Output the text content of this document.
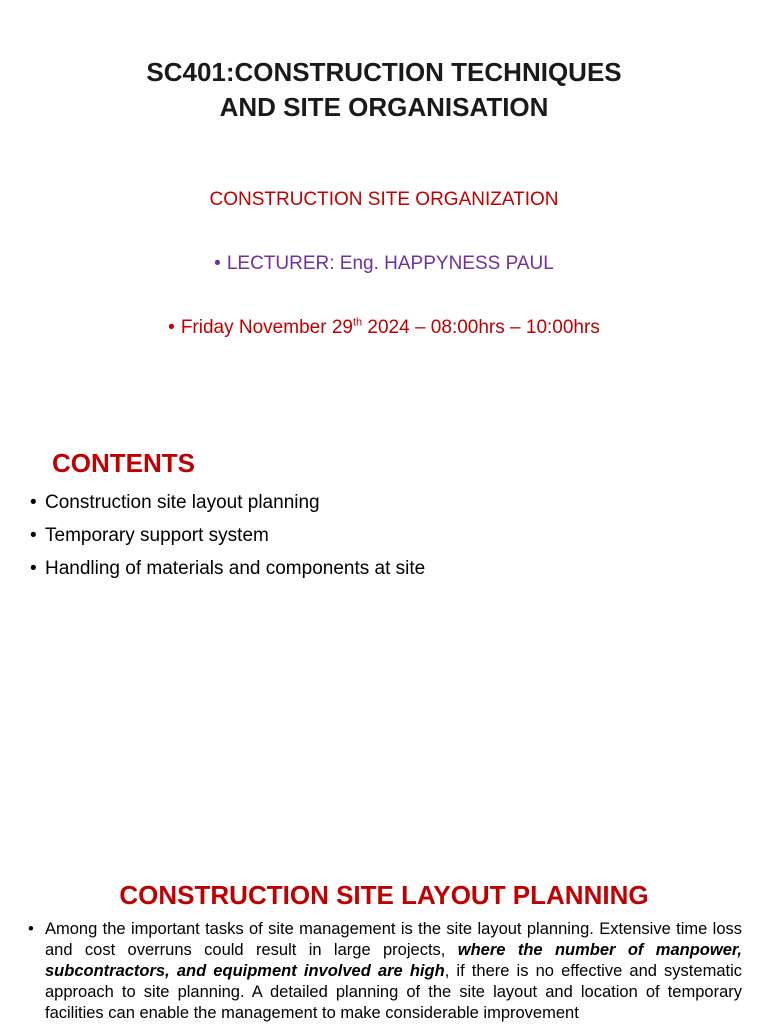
SC401:CONSTRUCTION TECHNIQUES
AND SITE ORGANISATION
CONSTRUCTION SITE ORGANIZATION
• LECTURER: Eng. HAPPYNESS PAUL
• Friday November 29th 2024 – 08:00hrs – 10:00hrs
CONTENTS
• Construction site layout planning
• Temporary support system
• Handling of materials and components at site
CONSTRUCTION SITE LAYOUT PLANNING
• Among the important tasks of site management is the site layout planning. Extensive time loss and cost overruns could result in large projects, where the number of manpower, subcontractors, and equipment involved are high, if there is no effective and systematic approach to site planning. A detailed planning of the site layout and location of temporary facilities can enable the management to make considerable improvement
